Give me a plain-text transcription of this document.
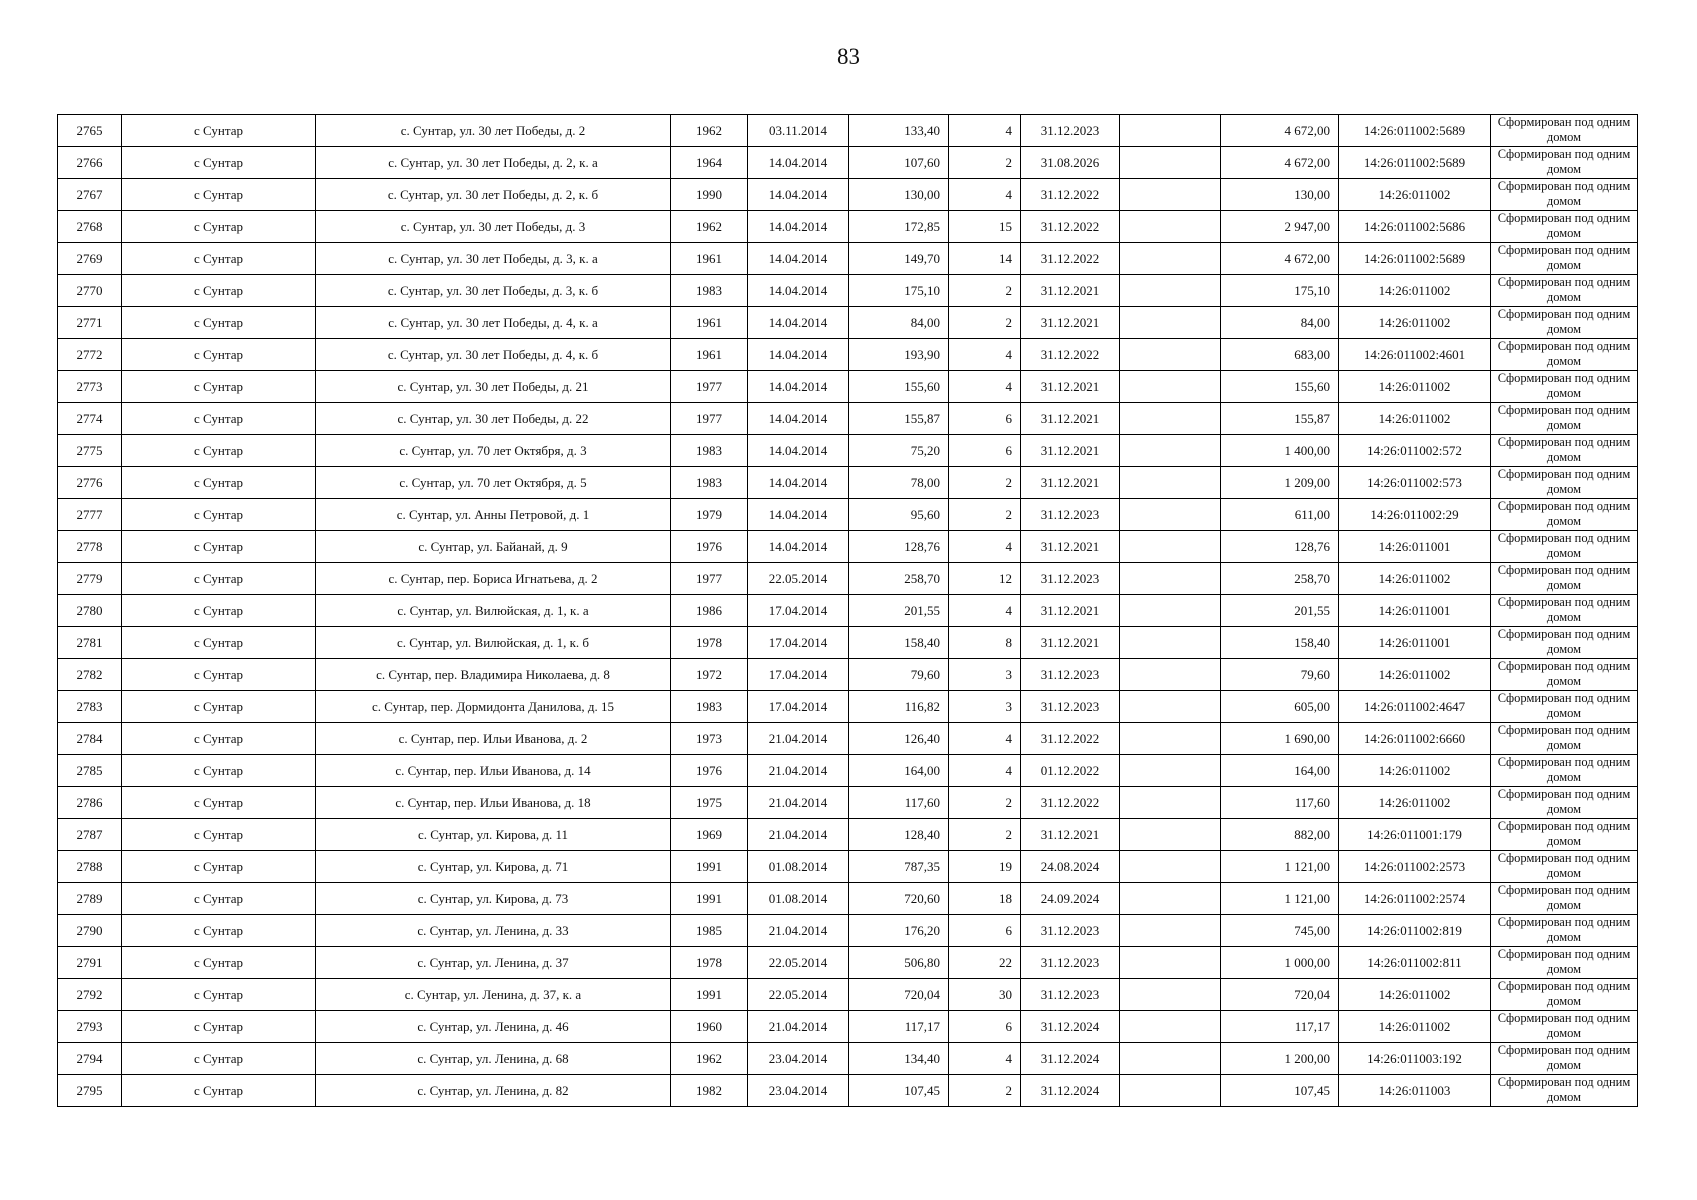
83
2765	с Сунтар	с. Сунтар, ул. 30 лет Победы, д. 2	1962	03.11.2014	133,40	4	31.12.2023		4 672,00	14:26:011002:5689	Сформирован под одним домом
2766	с Сунтар	с. Сунтар, ул. 30 лет Победы, д. 2, к. а	1964	14.04.2014	107,60	2	31.08.2026		4 672,00	14:26:011002:5689	Сформирован под одним домом
2767	с Сунтар	с. Сунтар, ул. 30 лет Победы, д. 2, к. б	1990	14.04.2014	130,00	4	31.12.2022		130,00	14:26:011002	Сформирован под одним домом
2768	с Сунтар	с. Сунтар, ул. 30 лет Победы, д. 3	1962	14.04.2014	172,85	15	31.12.2022		2 947,00	14:26:011002:5686	Сформирован под одним домом
2769	с Сунтар	с. Сунтар, ул. 30 лет Победы, д. 3, к. а	1961	14.04.2014	149,70	14	31.12.2022		4 672,00	14:26:011002:5689	Сформирован под одним домом
2770	с Сунтар	с. Сунтар, ул. 30 лет Победы, д. 3, к. б	1983	14.04.2014	175,10	2	31.12.2021		175,10	14:26:011002	Сформирован под одним домом
2771	с Сунтар	с. Сунтар, ул. 30 лет Победы, д. 4, к. а	1961	14.04.2014	84,00	2	31.12.2021		84,00	14:26:011002	Сформирован под одним домом
2772	с Сунтар	с. Сунтар, ул. 30 лет Победы, д. 4, к. б	1961	14.04.2014	193,90	4	31.12.2022		683,00	14:26:011002:4601	Сформирован под одним домом
2773	с Сунтар	с. Сунтар, ул. 30 лет Победы, д. 21	1977	14.04.2014	155,60	4	31.12.2021		155,60	14:26:011002	Сформирован под одним домом
2774	с Сунтар	с. Сунтар, ул. 30 лет Победы, д. 22	1977	14.04.2014	155,87	6	31.12.2021		155,87	14:26:011002	Сформирован под одним домом
2775	с Сунтар	с. Сунтар, ул. 70 лет Октября, д. 3	1983	14.04.2014	75,20	6	31.12.2021		1 400,00	14:26:011002:572	Сформирован под одним домом
2776	с Сунтар	с. Сунтар, ул. 70 лет Октября, д. 5	1983	14.04.2014	78,00	2	31.12.2021		1 209,00	14:26:011002:573	Сформирован под одним домом
2777	с Сунтар	с. Сунтар, ул. Анны Петровой, д. 1	1979	14.04.2014	95,60	2	31.12.2023		611,00	14:26:011002:29	Сформирован под одним домом
2778	с Сунтар	с. Сунтар, ул. Байанай, д. 9	1976	14.04.2014	128,76	4	31.12.2021		128,76	14:26:011001	Сформирован под одним домом
2779	с Сунтар	с. Сунтар, пер. Бориса Игнатьева, д. 2	1977	22.05.2014	258,70	12	31.12.2023		258,70	14:26:011002	Сформирован под одним домом
2780	с Сунтар	с. Сунтар, ул. Вилюйская, д. 1, к. а	1986	17.04.2014	201,55	4	31.12.2021		201,55	14:26:011001	Сформирован под одним домом
2781	с Сунтар	с. Сунтар, ул. Вилюйская, д. 1, к. б	1978	17.04.2014	158,40	8	31.12.2021		158,40	14:26:011001	Сформирован под одним домом
2782	с Сунтар	с. Сунтар, пер. Владимира Николаева, д. 8	1972	17.04.2014	79,60	3	31.12.2023		79,60	14:26:011002	Сформирован под одним домом
2783	с Сунтар	с. Сунтар, пер. Дормидонта Данилова, д. 15	1983	17.04.2014	116,82	3	31.12.2023		605,00	14:26:011002:4647	Сформирован под одним домом
2784	с Сунтар	с. Сунтар, пер. Ильи Иванова, д. 2	1973	21.04.2014	126,40	4	31.12.2022		1 690,00	14:26:011002:6660	Сформирован под одним домом
2785	с Сунтар	с. Сунтар, пер. Ильи Иванова, д. 14	1976	21.04.2014	164,00	4	01.12.2022		164,00	14:26:011002	Сформирован под одним домом
2786	с Сунтар	с. Сунтар, пер. Ильи Иванова, д. 18	1975	21.04.2014	117,60	2	31.12.2022		117,60	14:26:011002	Сформирован под одним домом
2787	с Сунтар	с. Сунтар, ул. Кирова, д. 11	1969	21.04.2014	128,40	2	31.12.2021		882,00	14:26:011001:179	Сформирован под одним домом
2788	с Сунтар	с. Сунтар, ул. Кирова, д. 71	1991	01.08.2014	787,35	19	24.08.2024		1 121,00	14:26:011002:2573	Сформирован под одним домом
2789	с Сунтар	с. Сунтар, ул. Кирова, д. 73	1991	01.08.2014	720,60	18	24.09.2024		1 121,00	14:26:011002:2574	Сформирован под одним домом
2790	с Сунтар	с. Сунтар, ул. Ленина, д. 33	1985	21.04.2014	176,20	6	31.12.2023		745,00	14:26:011002:819	Сформирован под одним домом
2791	с Сунтар	с. Сунтар, ул. Ленина, д. 37	1978	22.05.2014	506,80	22	31.12.2023		1 000,00	14:26:011002:811	Сформирован под одним домом
2792	с Сунтар	с. Сунтар, ул. Ленина, д. 37, к. а	1991	22.05.2014	720,04	30	31.12.2023		720,04	14:26:011002	Сформирован под одним домом
2793	с Сунтар	с. Сунтар, ул. Ленина, д. 46	1960	21.04.2014	117,17	6	31.12.2024		117,17	14:26:011002	Сформирован под одним домом
2794	с Сунтар	с. Сунтар, ул. Ленина, д. 68	1962	23.04.2014	134,40	4	31.12.2024		1 200,00	14:26:011003:192	Сформирован под одним домом
2795	с Сунтар	с. Сунтар, ул. Ленина, д. 82	1982	23.04.2014	107,45	2	31.12.2024		107,45	14:26:011003	Сформирован под одним домом
